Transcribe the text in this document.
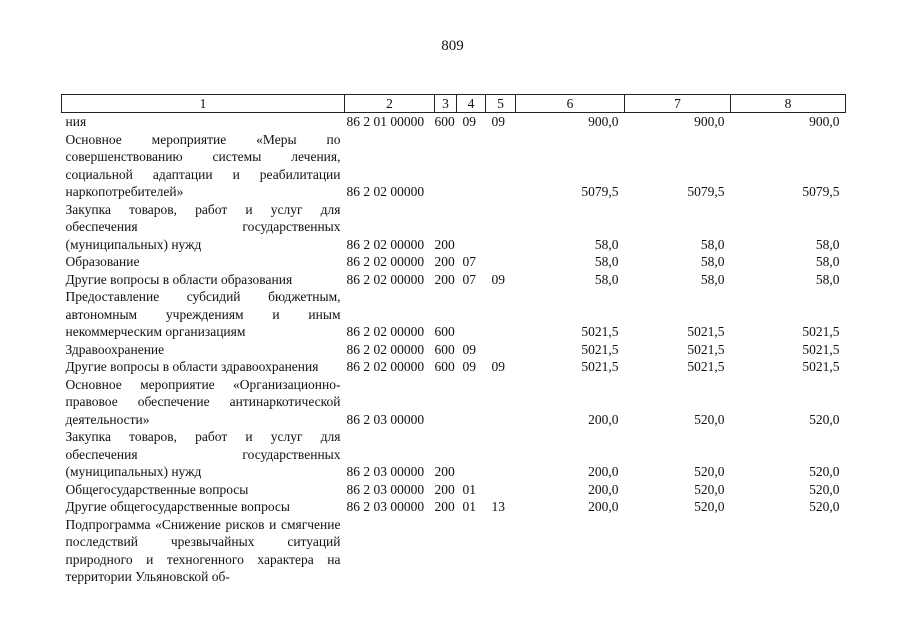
809
1	2	3	4	5	6	7	8
ния	86 2 01 00000	600	09	09	900,0	900,0	900,0
Основное мероприятие «Меры по совершенствованию системы лечения, социальной адаптации и реабилитации наркопотребителей»	86 2 02 00000				5079,5	5079,5	5079,5
Закупка товаров, работ и услуг для обеспечения государственных (муниципальных) нужд	86 2 02 00000	200			58,0	58,0	58,0
Образование	86 2 02 00000	200	07		58,0	58,0	58,0
Другие вопросы в области образования	86 2 02 00000	200	07	09	58,0	58,0	58,0
Предоставление субсидий бюджетным, автономным учреждениям и иным некоммерческим организациям	86 2 02 00000	600			5021,5	5021,5	5021,5
Здравоохранение	86 2 02 00000	600	09		5021,5	5021,5	5021,5
Другие вопросы в области здравоохранения	86 2 02 00000	600	09	09	5021,5	5021,5	5021,5
Основное мероприятие «Организационно-правовое обеспечение антинаркотической деятельности»	86 2 03 00000				200,0	520,0	520,0
Закупка товаров, работ и услуг для обеспечения государственных (муниципальных) нужд	86 2 03 00000	200			200,0	520,0	520,0
Общегосударственные вопросы	86 2 03 00000	200	01		200,0	520,0	520,0
Другие общегосударственные вопросы	86 2 03 00000	200	01	13	200,0	520,0	520,0
Подпрограмма «Снижение рисков и смягчение последствий чрезвычайных ситуаций природного и техногенного характера на территории Ульяновской об-							
